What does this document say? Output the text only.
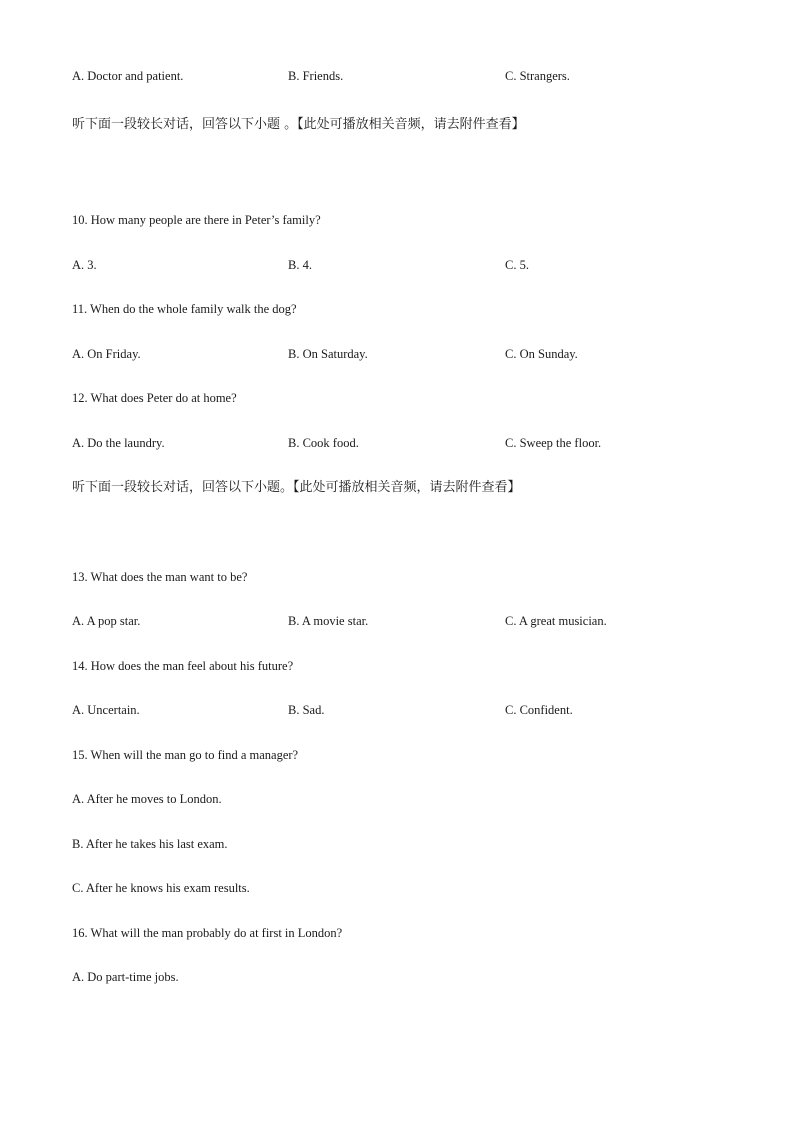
A. Doctor and patient.	B. Friends.	C. Strangers.
听下面一段较长对话，回答以下小题 。【此处可播放相关音频，请去附件查看】
10. How many people are there in Peter’s family?
A. 3.	B. 4.	C. 5.
11. When do the whole family walk the dog?
A. On Friday.	B. On Saturday.	C. On Sunday.
12. What does Peter do at home?
A. Do the laundry.	B. Cook food.	C. Sweep the floor.
听下面一段较长对话，回答以下小题。【此处可播放相关音频，请去附件查看】
13. What does the man want to be?
A. A pop star.	B. A movie star.	C. A great musician.
14. How does the man feel about his future?
A. Uncertain.	B. Sad.	C. Confident.
15. When will the man go to find a manager?
A. After he moves to London.
B. After he takes his last exam.
C. After he knows his exam results.
16. What will the man probably do at first in London?
A. Do part-time jobs.
